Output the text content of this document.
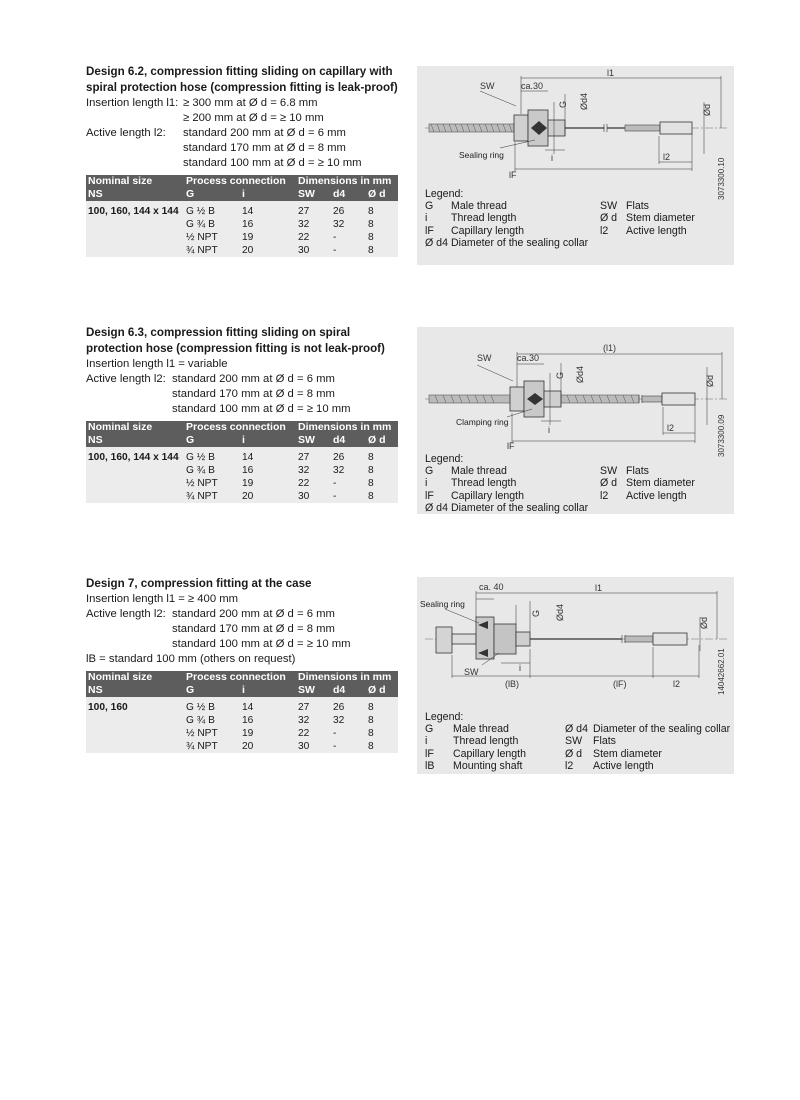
Design 6.2, compression fitting sliding on capillary with spiral protection hose (compression fitting is leak-proof)

Insertion length l1: ≥ 300 mm at Ø d = 6.8 mm
≥ 200 mm at Ø d = ≥ 10 mm
Active length l2:	standard 200 mm at Ø d = 6 mm
standard 170 mm at Ø d = 8 mm
standard 100 mm at Ø d = ≥ 10 mm
Nominal size	Process connection		Dimensions in mm		
NS	G	i	SW	d4	Ø d
100, 160, 144 x 144	G ½ B	14	27	26	8
	G ¾ B	16	32	32	8
	½ NPT	19	22	-	8
	¾ NPT	20	30	-	8
SW	ca.30
l1
G Ød4	Ød
Sealing ring	i	l2
lF	3073300.10
Legend:
G	Male thread
i	Thread length
lF	Capillary length
Ø d4 Diameter of the sealing collar
SW Flats
Ø d Stem diameter
l2	Active length

Design 6.3, compression fitting sliding on spiral protection hose (compression fitting is not leak-proof)

Insertion length l1 = variable
Active length l2: standard 200 mm at Ø d = 6 mm
standard 170 mm at Ø d = 8 mm
standard 100 mm at Ø d = ≥ 10 mm
Nominal size	Process connection		Dimensions in mm		
NS	G	i	SW	d4	Ø d
100, 160, 144 x 144	G ½ B	14	27	26	8
	G ¾ B	16	32	32	8
	½ NPT	19	22	-	8
	¾ NPT	20	30	-	8
SW	ca.30
(l1)
G Ød4	Ød
Clamping ring
i	l2
lF	3073300.09
Legend:
G	Male thread
i	Thread length
lF	Capillary length
Ø d4 Diameter of the sealing collar
SW Flats
Ø d Stem diameter
l2	Active length

Design 7, compression fitting at the case

Insertion length l1 = ≥ 400 mm
Active length l2: standard 200 mm at Ø d = 6 mm
standard 170 mm at Ø d = 8 mm
standard 100 mm at Ø d = ≥ 10 mm
lB = standard 100 mm (others on request)
Nominal size	Process connection		Dimensions in mm		
NS	G	i	SW	d4	Ø d
100, 160	G ½ B	14	27	26	8
	G ¾ B	16	32	32	8
	½ NPT	19	22	-	8
	¾ NPT	20	30	-	8
ca. 40	l1
G Ød4
Ød
Sealing ring
i
SW
(lB)	(lF)	l2	14042662.01
Legend:
G	Male thread
i	Thread length
lF	Capillary length
lB	Mounting shaft
Ø d4 Diameter of the sealing collar
SW	Flats
Ø d	Stem diameter
l2	Active length
